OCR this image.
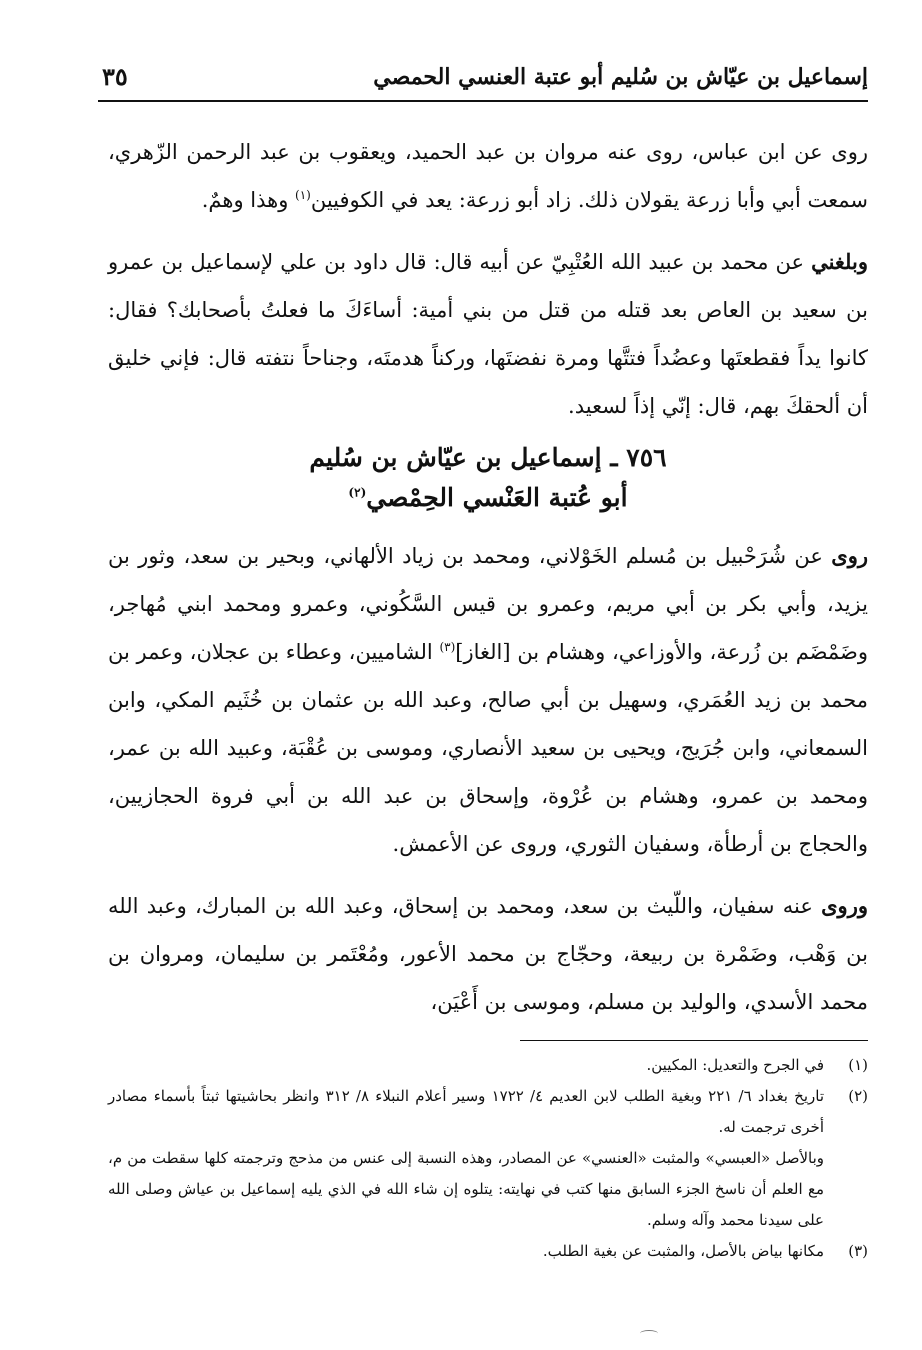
إسماعيل بن عيّاش بن سُليم أبو عتبة العنسي الحمصي
٣٥

روى عن ابن عباس، روى عنه مروان بن عبد الحميد، ويعقوب بن عبد الرحمن الزّهري، سمعت أبي وأبا زرعة يقولان ذلك. زاد أبو زرعة: يعد في الكوفيين$^{(١)}$ وهذا وهمٌ.

وبلغني عن محمد بن عبيد الله العُتْبِيّ عن أبيه قال: قال داود بن علي لإسماعيل بن عمرو بن سعيد بن العاص بعد قتله من قتل من بني أمية: أساءَكَ ما فعلتُ بأصحابك؟ فقال: كانوا يداً فقطعتَها وعضُداً فتتَّها ومرة نفضتَها، وركناً هدمتَه، وجناحاً نتفته قال: فإني خليق أن ألحقكَ بهم، قال: إنّي إذاً لسعيد.

٧٥٦ ـ إسماعيل بن عيّاش بن سُليم
أبو عُتبة العَنْسي الحِمْصي$^{(٢)}$

روى عن شُرَحْبيل بن مُسلم الخَوْلاني، ومحمد بن زياد الألهاني، وبحير بن سعد، وثور بن يزيد، وأبي بكر بن أبي مريم، وعمرو بن قيس السَّكُوني، وعمرو ومحمد ابني مُهاجر، وضَمْضَم بن زُرعة، والأوزاعي، وهشام بن [الغاز]$^{(٣)}$ الشاميين، وعطاء بن عجلان، وعمر بن محمد بن زيد العُمَري، وسهيل بن أبي صالح، وعبد الله بن عثمان بن خُثَيم المكي، وابن السمعاني، وابن جُرَيج، ويحيى بن سعيد الأنصاري، وموسى بن عُقْبَة، وعبيد الله بن عمر، ومحمد بن عمرو، وهشام بن عُرْوة، وإسحاق بن عبد الله بن أبي فروة الحجازيين، والحجاج بن أرطأة، وسفيان الثوري، وروى عن الأعمش.

وروى عنه سفيان، واللّيث بن سعد، ومحمد بن إسحاق، وعبد الله بن المبارك، وعبد الله بن وَهْب، وضَمْرة بن ربيعة، وحجّاج بن محمد الأعور، ومُعْتَمر بن سليمان، ومروان بن محمد الأسدي، والوليد بن مسلم، وموسى بن أَعْيَن،

(١)
في الجرح والتعديل: المكيين.
(٢)
تاريخ بغداد ٦/ ٢٢١ وبغية الطلب لابن العديم ٤/ ١٧٢٢ وسير أعلام النبلاء ٨/ ٣١٢ وانظر بحاشيتها ثبتاً بأسماء مصادر أخرى ترجمت له.
وبالأصل «العبسي» والمثبت «العنسي» عن المصادر، وهذه النسبة إلى عنس من مذحج وترجمته كلها سقطت من م، مع العلم أن ناسخ الجزء السابق منها كتب في نهايته: يتلوه إن شاء الله في الذي يليه إسماعيل بن عياش وصلى الله على سيدنا محمد وآله وسلم.
(٣)
مكانها بياض بالأصل، والمثبت عن بغية الطلب.
